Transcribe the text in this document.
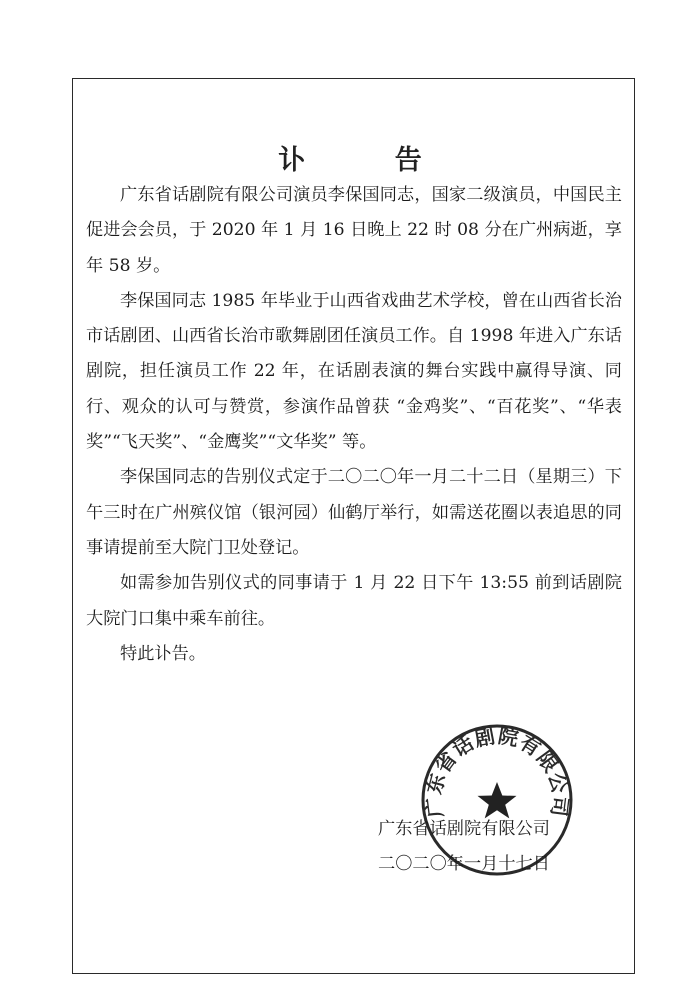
讣 告

广东省话剧院有限公司演员李保国同志，国家二级演员，中国民主促进会会员，于 2020 年 1 月 16 日晚上 22 时 08 分在广州病逝，享年 58 岁。

李保国同志 1985 年毕业于山西省戏曲艺术学校，曾在山西省长治市话剧团、山西省长治市歌舞剧团任演员工作。自 1998 年进入广东话剧院，担任演员工作 22 年，在话剧表演的舞台实践中赢得导演、同行、观众的认可与赞赏，参演作品曾获 “金鸡奖”、“百花奖”、“华表奖”“飞天奖”、“金鹰奖”“文华奖” 等。

李保国同志的告别仪式定于二〇二〇年一月二十二日（星期三）下午三时在广州殡仪馆（银河园）仙鹤厅举行，如需送花圈以表追思的同事请提前至大院门卫处登记。

如需参加告别仪式的同事请于 1 月 22 日下午 13:55 前到话剧院大院门口集中乘车前往。

特此讣告。

广东省话剧院有限公司
广东省话剧院有限公司
二〇二〇年一月十七日
